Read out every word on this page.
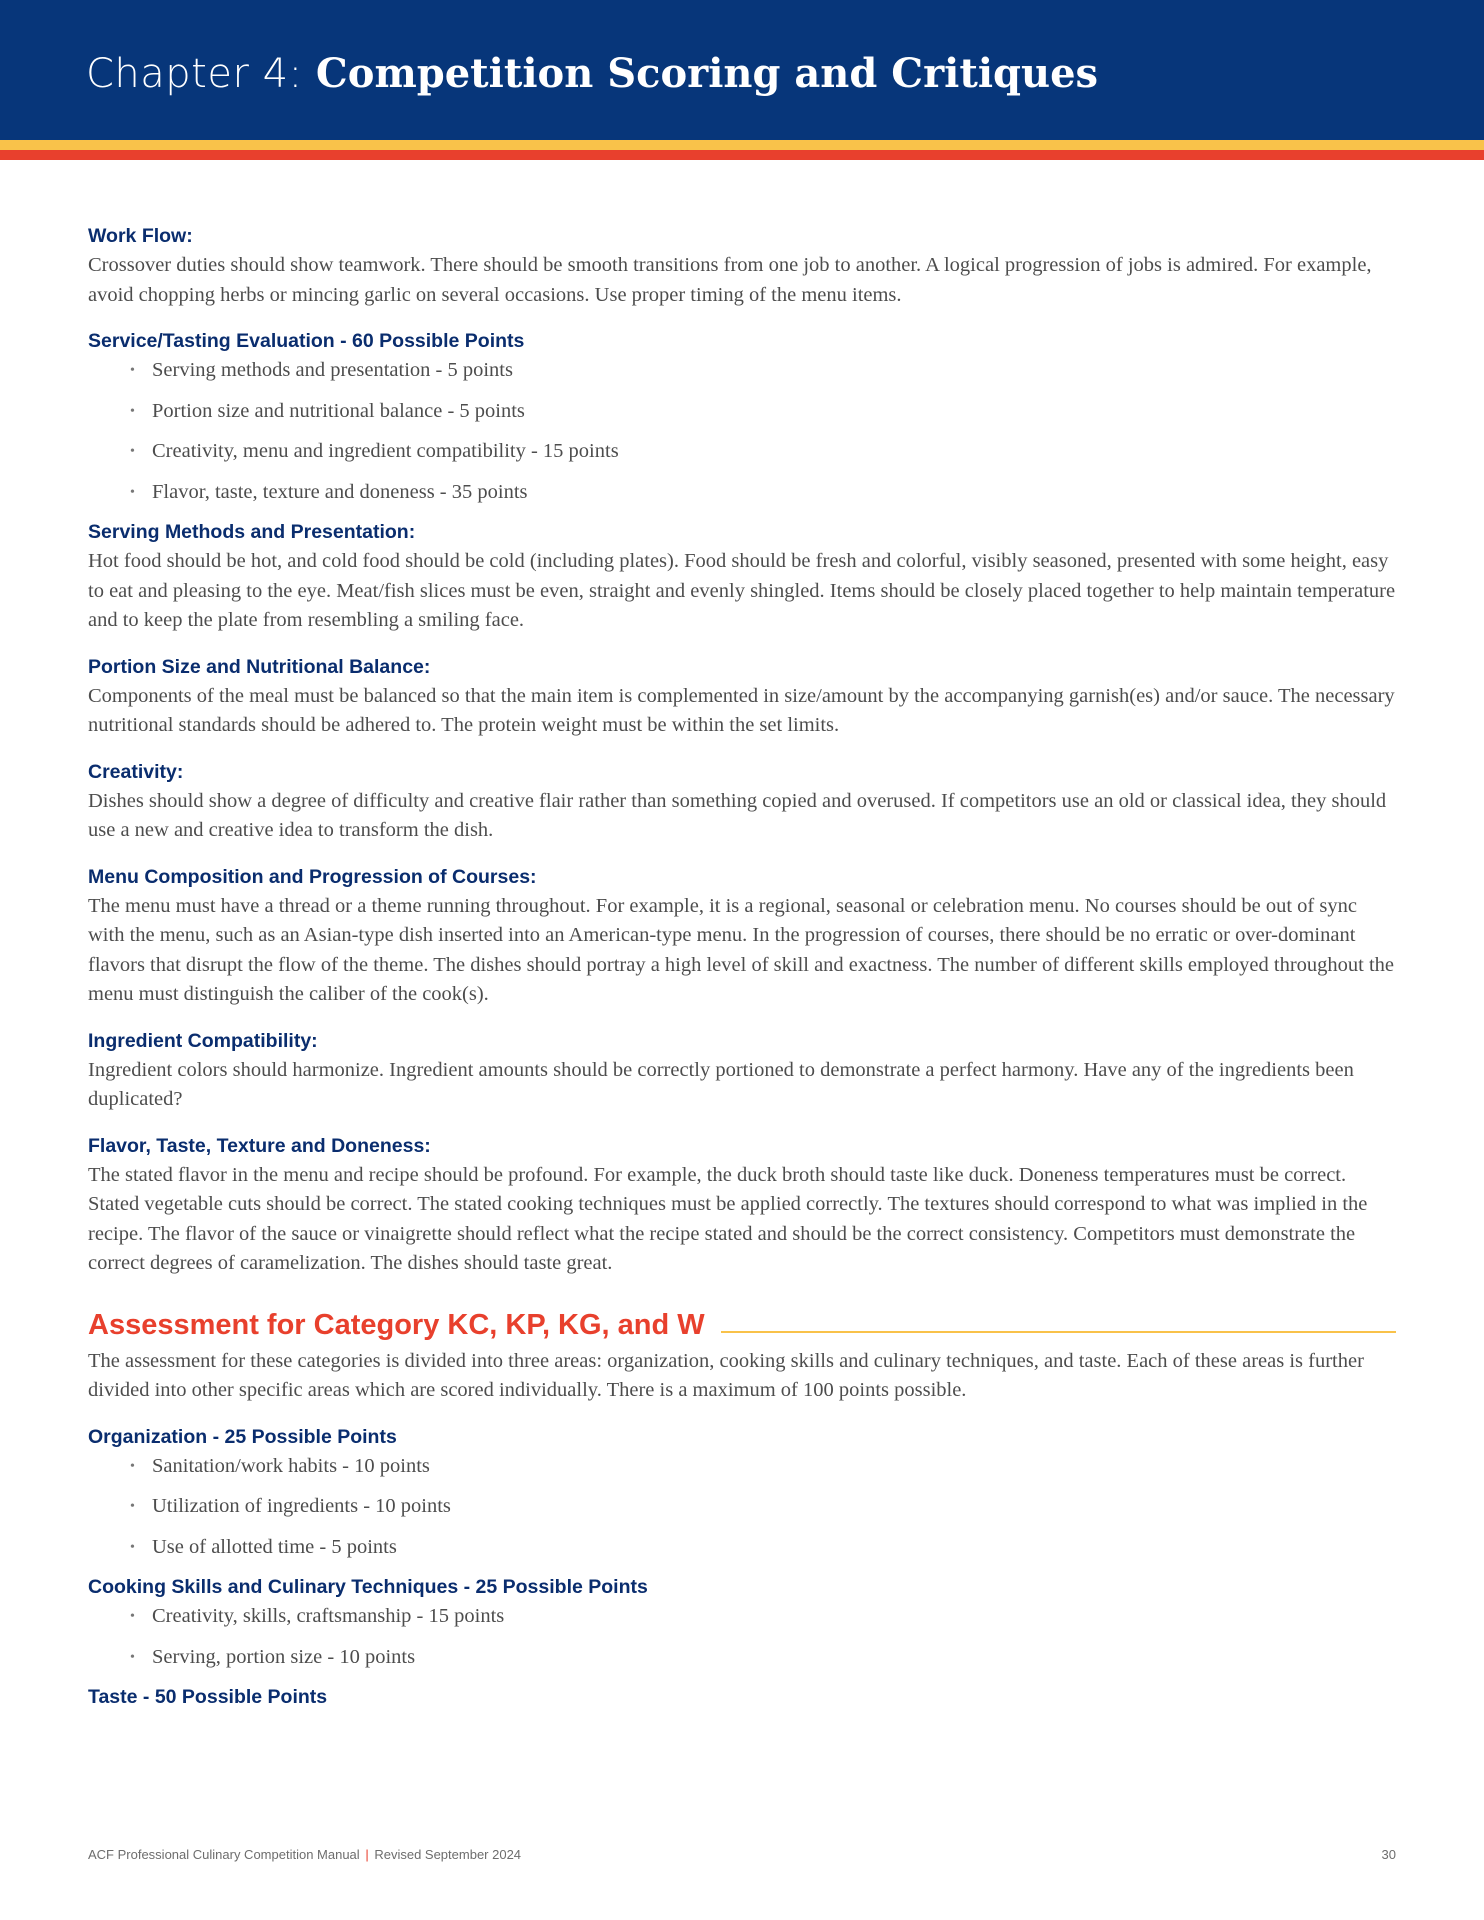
Chapter 4: Competition Scoring and Critiques
Work Flow:
Crossover duties should show teamwork. There should be smooth transitions from one job to another. A logical progression of jobs is admired. For example, avoid chopping herbs or mincing garlic on several occasions. Use proper timing of the menu items.
Service/Tasting Evaluation - 60 Possible Points
• Serving methods and presentation - 5 points
• Portion size and nutritional balance - 5 points
• Creativity, menu and ingredient compatibility - 15 points
• Flavor, taste, texture and doneness - 35 points
Serving Methods and Presentation:
Hot food should be hot, and cold food should be cold (including plates). Food should be fresh and colorful, visibly seasoned, presented with some height, easy to eat and pleasing to the eye. Meat/fish slices must be even, straight and evenly shingled. Items should be closely placed together to help maintain temperature and to keep the plate from resembling a smiling face.
Portion Size and Nutritional Balance:
Components of the meal must be balanced so that the main item is complemented in size/amount by the accompanying garnish(es) and/or sauce. The necessary nutritional standards should be adhered to. The protein weight must be within the set limits.
Creativity:
Dishes should show a degree of difficulty and creative flair rather than something copied and overused. If competitors use an old or classical idea, they should use a new and creative idea to transform the dish.
Menu Composition and Progression of Courses:
The menu must have a thread or a theme running throughout. For example, it is a regional, seasonal or celebration menu. No courses should be out of sync with the menu, such as an Asian-type dish inserted into an American-type menu. In the progression of courses, there should be no erratic or over-dominant flavors that disrupt the flow of the theme. The dishes should portray a high level of skill and exactness. The number of different skills employed throughout the menu must distinguish the caliber of the cook(s).
Ingredient Compatibility:
Ingredient colors should harmonize. Ingredient amounts should be correctly portioned to demonstrate a perfect harmony. Have any of the ingredients been duplicated?
Flavor, Taste, Texture and Doneness:
The stated flavor in the menu and recipe should be profound. For example, the duck broth should taste like duck. Doneness temperatures must be correct. Stated vegetable cuts should be correct. The stated cooking techniques must be applied correctly. The textures should correspond to what was implied in the recipe. The flavor of the sauce or vinaigrette should reflect what the recipe stated and should be the correct consistency. Competitors must demonstrate the correct degrees of caramelization. The dishes should taste great.
Assessment for Category KC, KP, KG, and W
The assessment for these categories is divided into three areas: organization, cooking skills and culinary techniques, and taste. Each of these areas is further divided into other specific areas which are scored individually. There is a maximum of 100 points possible.
Organization - 25 Possible Points
• Sanitation/work habits - 10 points
• Utilization of ingredients - 10 points
• Use of allotted time - 5 points
Cooking Skills and Culinary Techniques - 25 Possible Points
• Creativity, skills, craftsmanship - 15 points
• Serving, portion size - 10 points
Taste - 50 Possible Points
ACF Professional Culinary Competition Manual | Revised September 2024	30
